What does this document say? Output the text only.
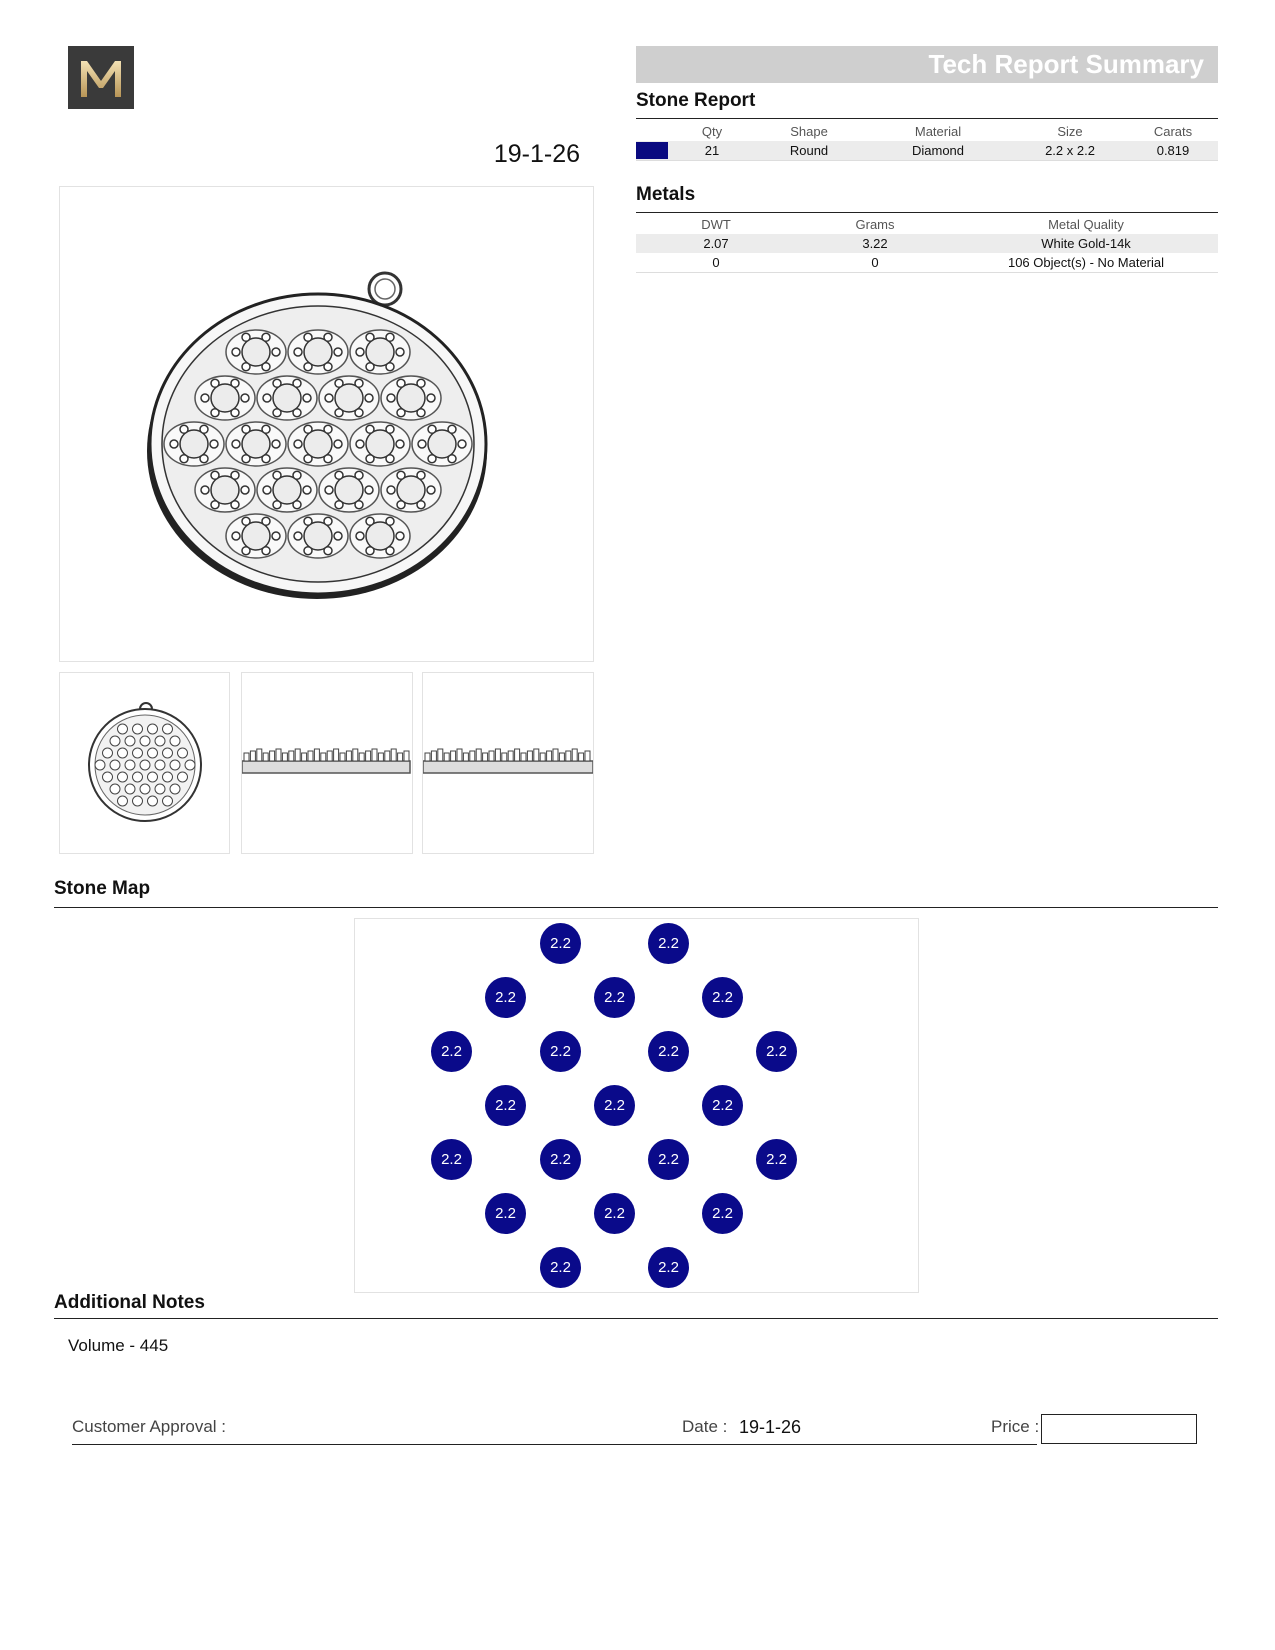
19-1-26
Tech Report Summary
Stone Report
	Qty	Shape	Material	Size	Carats
	21	Round	Diamond	2.2 x 2.2	0.819
Metals
DWT	Grams	Metal Quality
2.07	3.22	White Gold-14k
0	0	106 Object(s) - No Material
Stone Map
2.2	2.2
2.2	2.2	2.2
2.2	2.2	2.2	2.2
2.2	2.2	2.2
2.2	2.2	2.2	2.2
2.2	2.2	2.2
2.2	2.2
Additional Notes
Volume - 445
Customer Approval :	Date : 19-1-26	Price :
